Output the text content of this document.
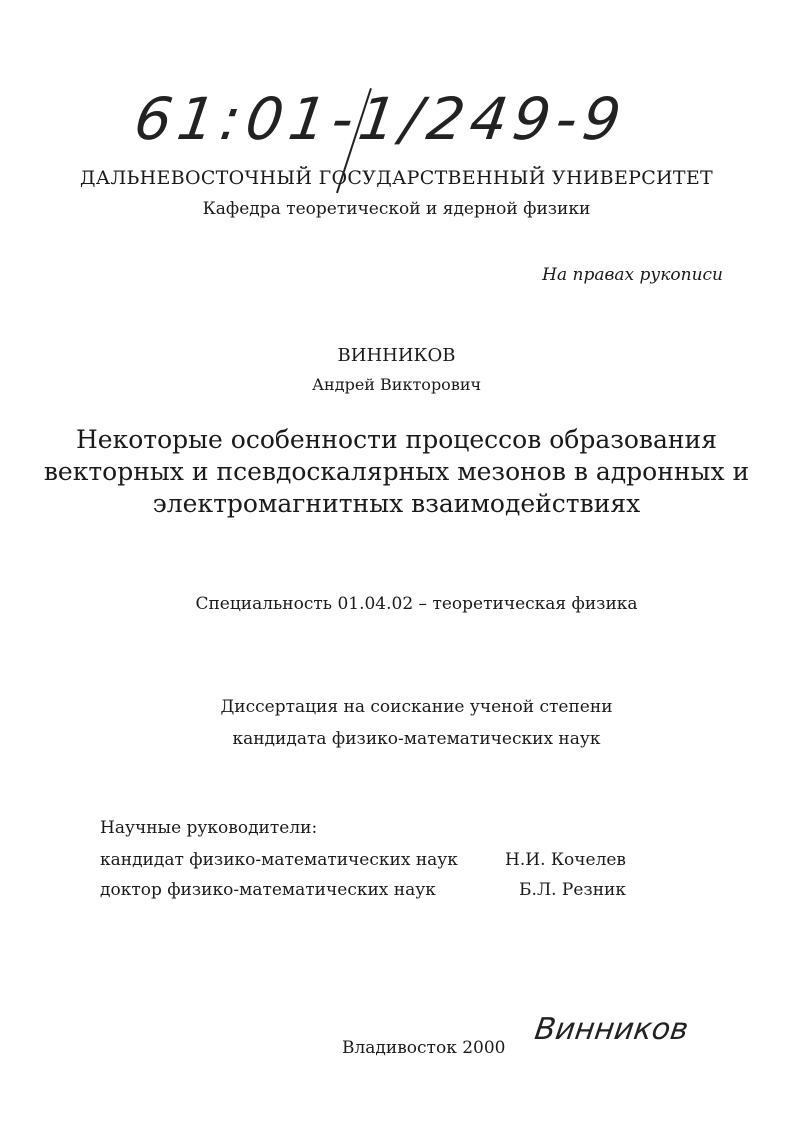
61:01-1/249-9
ДАЛЬНЕВОСТОЧНЫЙ ГОСУДАРСТВЕННЫЙ УНИВЕРСИТЕТ
Кафедра теоретической и ядерной физики
На правах рукописи
ВИННИКОВ
Андрей Викторович
Некоторые особенности процессов образования
векторных и псевдоскалярных мезонов в адронных и
электромагнитных взаимодействиях
Специальность 01.04.02 – теоретическая физика
Диссертация на соискание ученой степени
кандидата физико-математических наук
Научные руководители:
кандидат физико-математических наук	Н.И. Кочелев
доктор физико-математических наук	Б.Л. Резник
Владивосток 2000
Винников
